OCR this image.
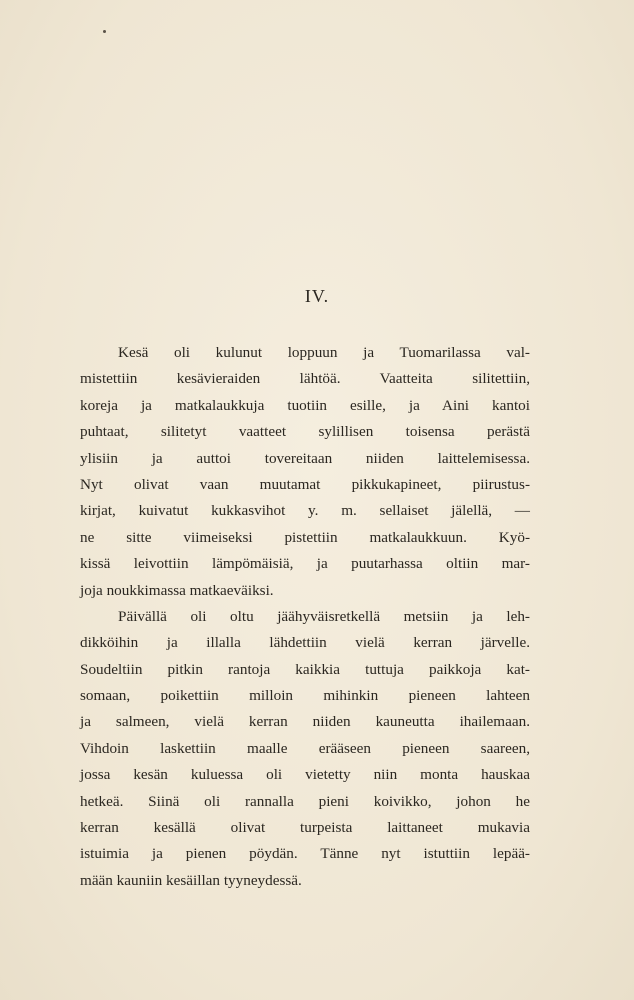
IV.
Kesä oli kulunut loppuun ja Tuomarilassa val-
mistettiin kesävieraiden lähtöä. Vaatteita silitettiin,
koreja ja matkalaukkuja tuotiin esille, ja Aini kantoi
puhtaat, silitetyt vaatteet sylillisen toisensa perästä
ylisiin ja auttoi tovereitaan niiden laittelemisessa.
Nyt olivat vaan muutamat pikkukapineet, piirustus-
kirjat, kuivatut kukkasvihot y. m. sellaiset jälellä, —
ne sitte viimeiseksi pistettiin matkalaukkuun. Kyö-
kissä leivottiin lämpömäisiä, ja puutarhassa oltiin mar-
joja noukkimassa matkaeväiksi.
Päivällä oli oltu jäähyväisretkellä metsiin ja leh-
dikköihin ja illalla lähdettiin vielä kerran järvelle.
Soudeltiin pitkin rantoja kaikkia tuttuja paikkoja kat-
somaan, poikettiin milloin mihinkin pieneen lahteen
ja salmeen, vielä kerran niiden kauneutta ihailemaan.
Vihdoin laskettiin maalle erääseen pieneen saareen,
jossa kesän kuluessa oli vietetty niin monta hauskaa
hetkeä. Siinä oli rannalla pieni koivikko, johon he
kerran kesällä olivat turpeista laittaneet mukavia
istuimia ja pienen pöydän. Tänne nyt istuttiin lepää-
mään kauniin kesäillan tyyneydessä.
